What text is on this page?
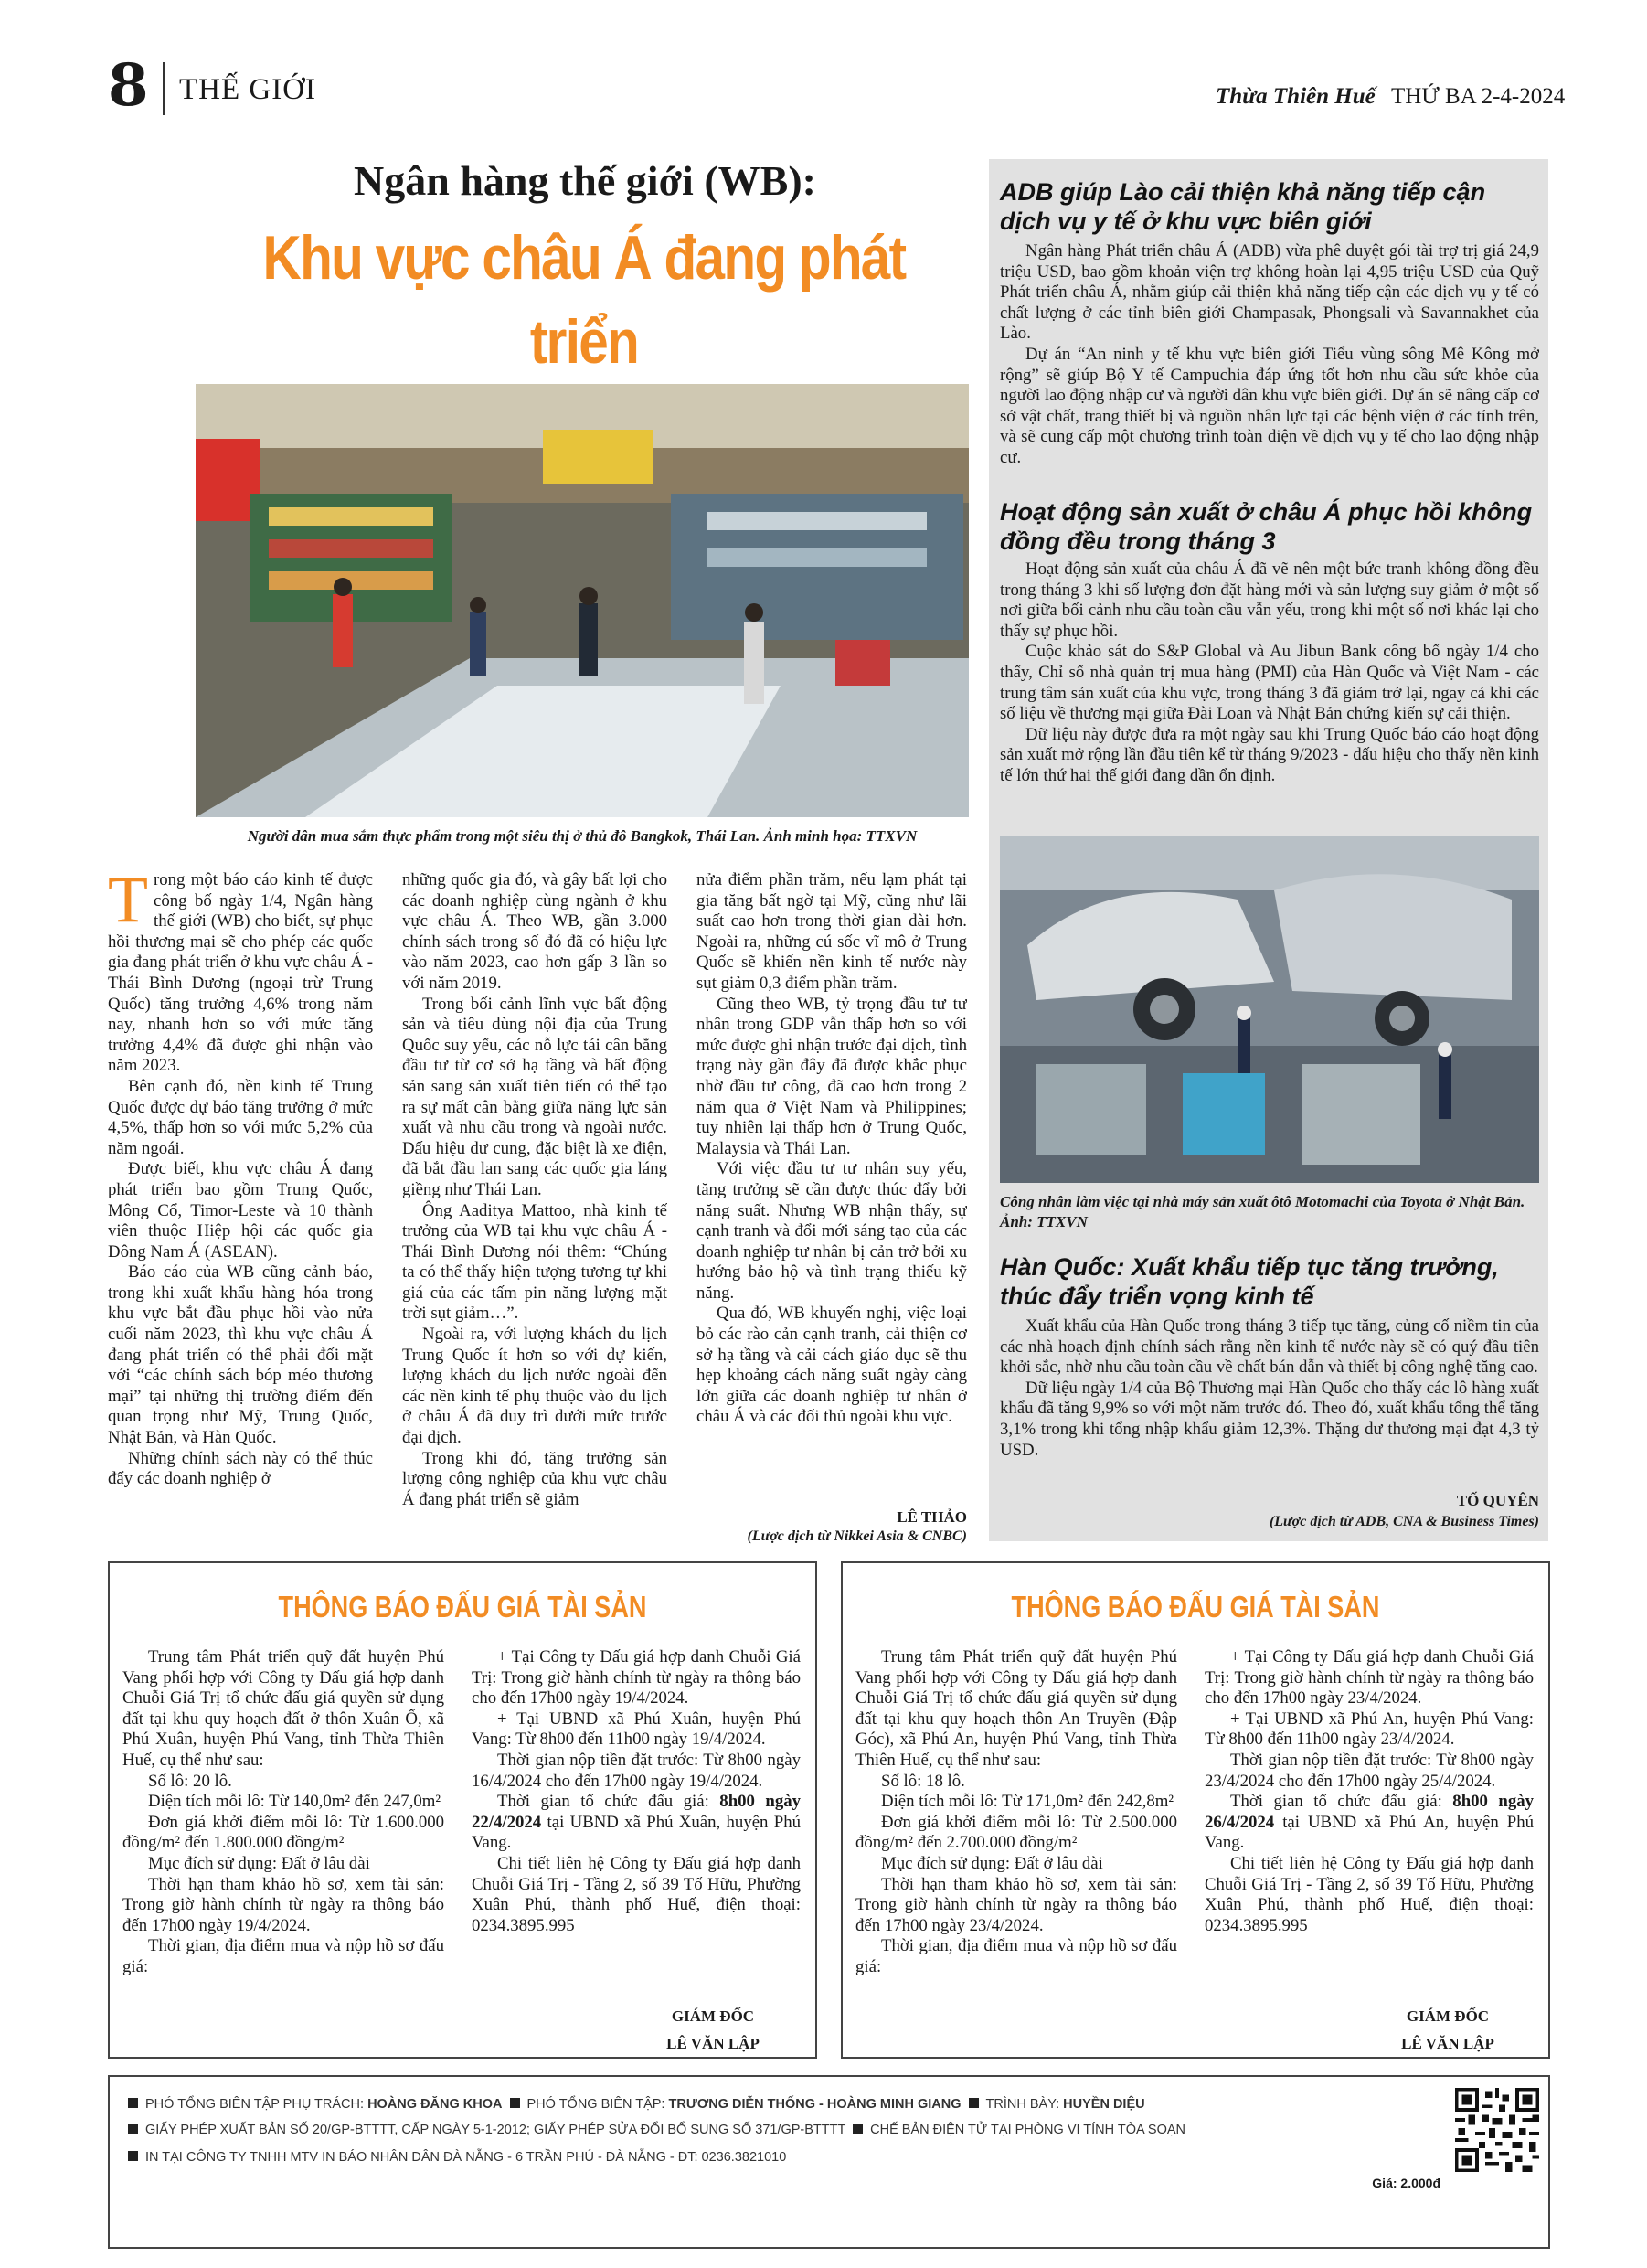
8 THẾ GIỚI	Thừa Thiên Huế THỨ BA 2-4-2024
Ngân hàng thế giới (WB):
Khu vực châu Á đang phát triển
Người dân mua sắm thực phẩm trong một siêu thị ở thủ đô Bangkok, Thái Lan. Ảnh minh họa: TTXVN

Trong một báo cáo kinh tế được công bố ngày 1/4, Ngân hàng thế giới (WB) cho biết, sự phục hồi thương mại sẽ cho phép các quốc gia đang phát triển ở khu vực châu Á - Thái Bình Dương (ngoại trừ Trung Quốc) tăng trưởng 4,6% trong năm nay, nhanh hơn so với mức tăng trưởng 4,4% đã được ghi nhận vào năm 2023.

Bên cạnh đó, nền kinh tế Trung Quốc được dự báo tăng trưởng ở mức 4,5%, thấp hơn so với mức 5,2% của năm ngoái.

Được biết, khu vực châu Á đang phát triển bao gồm Trung Quốc, Mông Cổ, Timor-Leste và 10 thành viên thuộc Hiệp hội các quốc gia Đông Nam Á (ASEAN).

Báo cáo của WB cũng cảnh báo, trong khi xuất khẩu hàng hóa trong khu vực bắt đầu phục hồi vào nửa cuối năm 2023, thì khu vực châu Á đang phát triển có thể phải đối mặt với “các chính sách bóp méo thương mại” tại những thị trường điểm đến quan trọng như Mỹ, Trung Quốc, Nhật Bản, và Hàn Quốc.

Những chính sách này có thể thúc đẩy các doanh nghiệp ở

những quốc gia đó, và gây bất lợi cho các doanh nghiệp cùng ngành ở khu vực châu Á. Theo WB, gần 3.000 chính sách trong số đó đã có hiệu lực vào năm 2023, cao hơn gấp 3 lần so với năm 2019.

Trong bối cảnh lĩnh vực bất động sản và tiêu dùng nội địa của Trung Quốc suy yếu, các nỗ lực tái cân bằng đầu tư từ cơ sở hạ tầng và bất động sản sang sản xuất tiên tiến có thể tạo ra sự mất cân bằng giữa năng lực sản xuất và nhu cầu trong và ngoài nước. Dấu hiệu dư cung, đặc biệt là xe điện, đã bắt đầu lan sang các quốc gia láng giềng như Thái Lan.

Ông Aaditya Mattoo, nhà kinh tế trưởng của WB tại khu vực châu Á - Thái Bình Dương nói thêm: “Chúng ta có thể thấy hiện tượng tương tự khi giá của các tấm pin năng lượng mặt trời sụt giảm…”.

Ngoài ra, với lượng khách du lịch Trung Quốc ít hơn so với dự kiến, lượng khách du lịch nước ngoài đến các nền kinh tế phụ thuộc vào du lịch ở châu Á đã duy trì dưới mức trước đại dịch.

Trong khi đó, tăng trưởng sản lượng công nghiệp của khu vực châu Á đang phát triển sẽ giảm

nửa điểm phần trăm, nếu lạm phát tại gia tăng bất ngờ tại Mỹ, cũng như lãi suất cao hơn trong thời gian dài hơn. Ngoài ra, những cú sốc vĩ mô ở Trung Quốc sẽ khiến nền kinh tế nước này sụt giảm 0,3 điểm phần trăm.

Cũng theo WB, tỷ trọng đầu tư tư nhân trong GDP vẫn thấp hơn so với mức được ghi nhận trước đại dịch, tình trạng này gần đây đã được khắc phục nhờ đầu tư công, đã cao hơn trong 2 năm qua ở Việt Nam và Philippines; tuy nhiên lại thấp hơn ở Trung Quốc, Malaysia và Thái Lan.

Với việc đầu tư tư nhân suy yếu, tăng trưởng sẽ cần được thúc đẩy bởi năng suất. Nhưng WB nhận thấy, sự cạnh tranh và đổi mới sáng tạo của các doanh nghiệp tư nhân bị cản trở bởi xu hướng bảo hộ và tình trạng thiếu kỹ năng.

Qua đó, WB khuyến nghị, việc loại bỏ các rào cản cạnh tranh, cải thiện cơ sở hạ tầng và cải cách giáo dục sẽ thu hẹp khoảng cách năng suất ngày càng lớn giữa các doanh nghiệp tư nhân ở châu Á và các đối thủ ngoài khu vực.

LÊ THẢO
(Lược dịch từ Nikkei Asia & CNBC)
ADB giúp Lào cải thiện khả năng tiếp cận dịch vụ y tế ở khu vực biên giới

Ngân hàng Phát triển châu Á (ADB) vừa phê duyệt gói tài trợ trị giá 24,9 triệu USD, bao gồm khoản viện trợ không hoàn lại 4,95 triệu USD của Quỹ Phát triển châu Á, nhằm giúp cải thiện khả năng tiếp cận các dịch vụ y tế có chất lượng ở các tỉnh biên giới Champasak, Phongsali và Savannakhet của Lào.

Dự án “An ninh y tế khu vực biên giới Tiểu vùng sông Mê Kông mở rộng” sẽ giúp Bộ Y tế Campuchia đáp ứng tốt hơn nhu cầu sức khỏe của người lao động nhập cư và người dân khu vực biên giới. Dự án sẽ nâng cấp cơ sở vật chất, trang thiết bị và nguồn nhân lực tại các bệnh viện ở các tỉnh trên, và sẽ cung cấp một chương trình toàn diện về dịch vụ y tế cho lao động nhập cư.

Hoạt động sản xuất ở châu Á phục hồi không đồng đều trong tháng 3

Hoạt động sản xuất của châu Á đã vẽ nên một bức tranh không đồng đều trong tháng 3 khi số lượng đơn đặt hàng mới và sản lượng suy giảm ở một số nơi giữa bối cảnh nhu cầu toàn cầu vẫn yếu, trong khi một số nơi khác lại cho thấy sự phục hồi.

Cuộc khảo sát do S&P Global và Au Jibun Bank công bố ngày 1/4 cho thấy, Chỉ số nhà quản trị mua hàng (PMI) của Hàn Quốc và Việt Nam - các trung tâm sản xuất của khu vực, trong tháng 3 đã giảm trở lại, ngay cả khi các số liệu về thương mại giữa Đài Loan và Nhật Bản chứng kiến sự cải thiện.

Dữ liệu này được đưa ra một ngày sau khi Trung Quốc báo cáo hoạt động sản xuất mở rộng lần đầu tiên kể từ tháng 9/2023 - dấu hiệu cho thấy nền kinh tế lớn thứ hai thế giới đang dần ổn định.

Công nhân làm việc tại nhà máy sản xuất ôtô Motomachi của Toyota ở Nhật Bản. Ảnh: TTXVN
Hàn Quốc: Xuất khẩu tiếp tục tăng trưởng, thúc đẩy triển vọng kinh tế

Xuất khẩu của Hàn Quốc trong tháng 3 tiếp tục tăng, củng cố niềm tin của các nhà hoạch định chính sách rằng nền kinh tế nước này sẽ có quý đầu tiên khởi sắc, nhờ nhu cầu toàn cầu về chất bán dẫn và thiết bị công nghệ tăng cao.

Dữ liệu ngày 1/4 của Bộ Thương mại Hàn Quốc cho thấy các lô hàng xuất khẩu đã tăng 9,9% so với một năm trước đó. Theo đó, xuất khẩu tổng thể tăng 3,1% trong khi tổng nhập khẩu giảm 12,3%. Thặng dư thương mại đạt 4,3 tỷ USD.

TỐ QUYÊN
(Lược dịch từ ADB, CNA & Business Times)
THÔNG BÁO ĐẤU GIÁ TÀI SẢN

Trung tâm Phát triển quỹ đất huyện Phú Vang phối hợp với Công ty Đấu giá hợp danh Chuỗi Giá Trị tổ chức đấu giá quyền sử dụng đất tại khu quy hoạch đất ở thôn Xuân Ổ, xã Phú Xuân, huyện Phú Vang, tỉnh Thừa Thiên Huế, cụ thể như sau:

Số lô: 20 lô.

Diện tích mỗi lô: Từ 140,0m² đến 247,0m²

Đơn giá khởi điểm mỗi lô: Từ 1.600.000 đồng/m² đến 1.800.000 đồng/m²

Mục đích sử dụng: Đất ở lâu dài

Thời hạn tham khảo hồ sơ, xem tài sản: Trong giờ hành chính từ ngày ra thông báo đến 17h00 ngày 19/4/2024.

Thời gian, địa điểm mua và nộp hồ sơ đấu giá:

+ Tại Công ty Đấu giá hợp danh Chuỗi Giá Trị: Trong giờ hành chính từ ngày ra thông báo cho đến 17h00 ngày 19/4/2024.

+ Tại UBND xã Phú Xuân, huyện Phú Vang: Từ 8h00 đến 11h00 ngày 19/4/2024.

Thời gian nộp tiền đặt trước: Từ 8h00 ngày 16/4/2024 cho đến 17h00 ngày 19/4/2024.

Thời gian tổ chức đấu giá: 8h00 ngày 22/4/2024 tại UBND xã Phú Xuân, huyện Phú Vang.

Chi tiết liên hệ Công ty Đấu giá hợp danh Chuỗi Giá Trị - Tầng 2, số 39 Tố Hữu, Phường Xuân Phú, thành phố Huế, điện thoại: 0234.3895.995

GIÁM ĐỐC
LÊ VĂN LẬP
THÔNG BÁO ĐẤU GIÁ TÀI SẢN

Trung tâm Phát triển quỹ đất huyện Phú Vang phối hợp với Công ty Đấu giá hợp danh Chuỗi Giá Trị tổ chức đấu giá quyền sử dụng đất tại khu quy hoạch thôn An Truyền (Đập Góc), xã Phú An, huyện Phú Vang, tỉnh Thừa Thiên Huế, cụ thể như sau:

Số lô: 18 lô.

Diện tích mỗi lô: Từ 171,0m² đến 242,8m²

Đơn giá khởi điểm mỗi lô: Từ 2.500.000 đồng/m² đến 2.700.000 đồng/m²

Mục đích sử dụng: Đất ở lâu dài

Thời hạn tham khảo hồ sơ, xem tài sản: Trong giờ hành chính từ ngày ra thông báo đến 17h00 ngày 23/4/2024.

Thời gian, địa điểm mua và nộp hồ sơ đấu giá:

+ Tại Công ty Đấu giá hợp danh Chuỗi Giá Trị: Trong giờ hành chính từ ngày ra thông báo cho đến 17h00 ngày 23/4/2024.

+ Tại UBND xã Phú An, huyện Phú Vang: Từ 8h00 đến 11h00 ngày 23/4/2024.

Thời gian nộp tiền đặt trước: Từ 8h00 ngày 23/4/2024 cho đến 17h00 ngày 25/4/2024.

Thời gian tổ chức đấu giá: 8h00 ngày 26/4/2024 tại UBND xã Phú An, huyện Phú Vang.

Chi tiết liên hệ Công ty Đấu giá hợp danh Chuỗi Giá Trị - Tầng 2, số 39 Tố Hữu, Phường Xuân Phú, thành phố Huế, điện thoại: 0234.3895.995

GIÁM ĐỐC
LÊ VĂN LẬP
PHÓ TỔNG BIÊN TẬP PHỤ TRÁCH: HOÀNG ĐĂNG KHOA PHÓ TỔNG BIÊN TẬP: TRƯƠNG DIỄN THỐNG - HOÀNG MINH GIANG TRÌNH BÀY: HUYỀN DIỆU
GIẤY PHÉP XUẤT BẢN SỐ 20/GP-BTTTT, CẤP NGÀY 5-1-2012; GIẤY PHÉP SỬA ĐỔI BỔ SUNG SỐ 371/GP-BTTTT CHẾ BẢN ĐIỆN TỬ TẠI PHÒNG VI TÍNH TÒA SOẠN
IN TẠI CÔNG TY TNHH MTV IN BÁO NHÂN DÂN ĐÀ NẴNG - 6 TRẦN PHÚ - ĐÀ NẴNG - ĐT: 0236.3821010
Giá: 2.000đ
